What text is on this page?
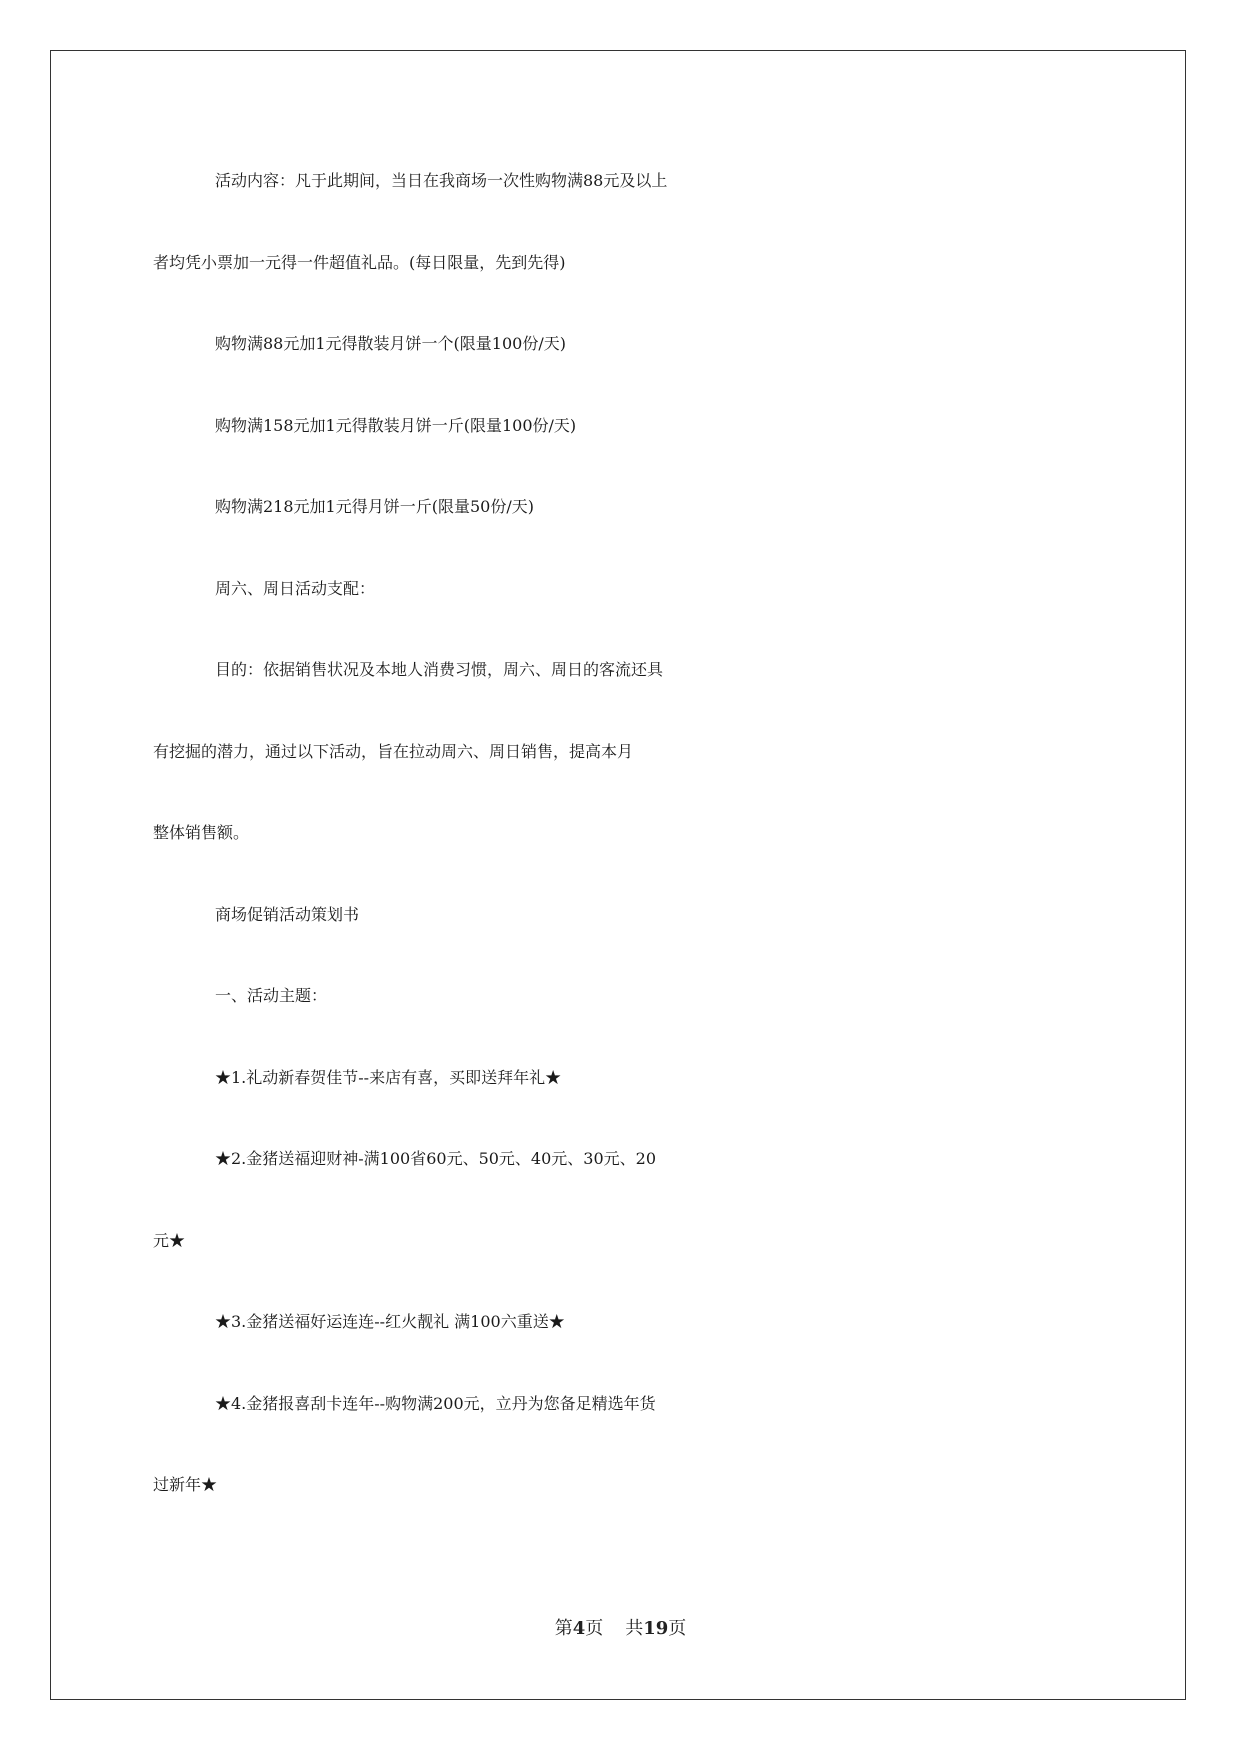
活动内容：凡于此期间，当日在我商场一次性购物满88元及以上
者均凭小票加一元得一件超值礼品。(每日限量，先到先得)
购物满88元加1元得散装月饼一个(限量100份/天)
购物满158元加1元得散装月饼一斤(限量100份/天)
购物满218元加1元得月饼一斤(限量50份/天)
周六、周日活动支配：
目的：依据销售状况及本地人消费习惯，周六、周日的客流还具
有挖掘的潜力，通过以下活动，旨在拉动周六、周日销售，提高本月
整体销售额。
商场促销活动策划书
一、活动主题：
★1.礼动新春贺佳节--来店有喜，买即送拜年礼★
★2.金猪送福迎财神-满100省60元、50元、40元、30元、20
元★
★3.金猪送福好运连连--红火靓礼 满100六重送★
★4.金猪报喜刮卡连年--购物满200元，立丹为您备足精选年货
过新年★
第4页 共19页
